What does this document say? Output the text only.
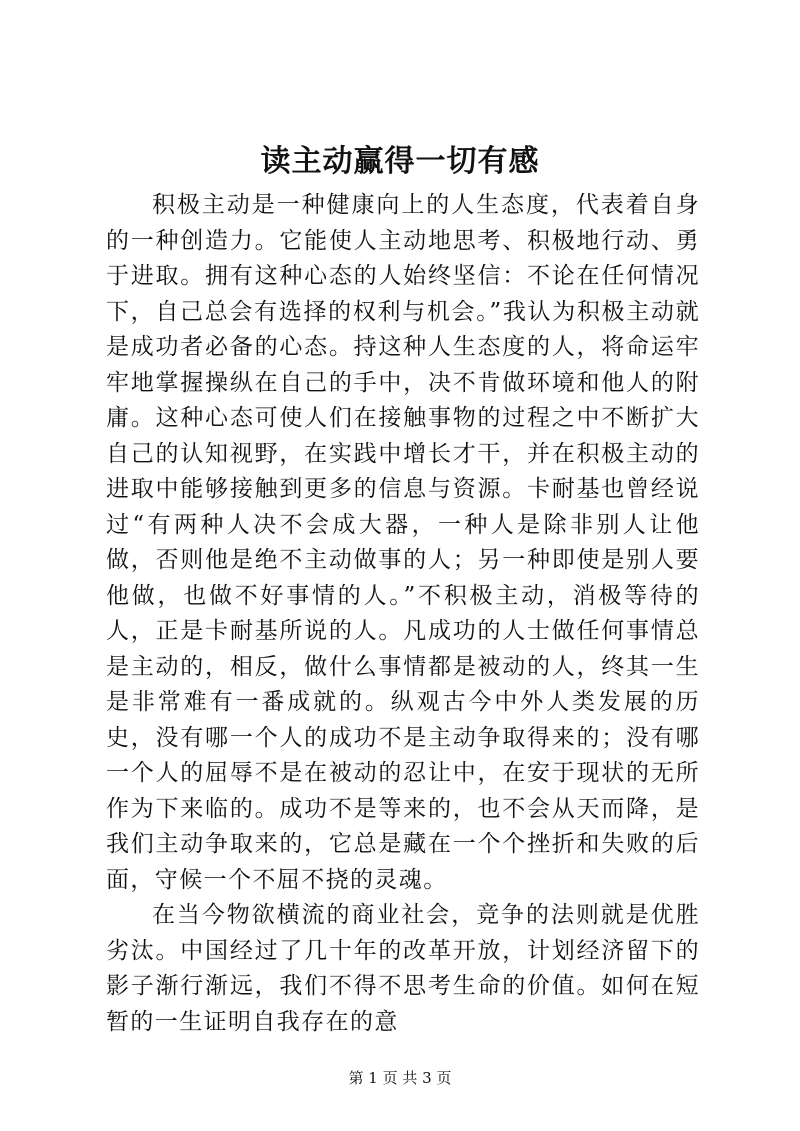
读主动赢得一切有感

积极主动是一种健康向上的人生态度，代表着自身的一种创造力。它能使人主动地思考、积极地行动、勇于进取。拥有这种心态的人始终坚信：不论在任何情况下，自己总会有选择的权利与机会。”我认为积极主动就是成功者必备的心态。持这种人生态度的人，将命运牢牢地掌握操纵在自己的手中，决不肯做环境和他人的附庸。这种心态可使人们在接触事物的过程之中不断扩大自己的认知视野，在实践中增长才干，并在积极主动的进取中能够接触到更多的信息与资源。卡耐基也曾经说过“有两种人决不会成大器，一种人是除非别人让他做，否则他是绝不主动做事的人；另一种即使是别人要他做，也做不好事情的人。”不积极主动，消极等待的人，正是卡耐基所说的人。凡成功的人士做任何事情总是主动的，相反，做什么事情都是被动的人，终其一生是非常难有一番成就的。纵观古今中外人类发展的历史，没有哪一个人的成功不是主动争取得来的；没有哪一个人的屈辱不是在被动的忍让中，在安于现状的无所作为下来临的。成功不是等来的，也不会从天而降，是我们主动争取来的，它总是藏在一个个挫折和失败的后面，守候一个不屈不挠的灵魂。

在当今物欲横流的商业社会，竞争的法则就是优胜劣汰。中国经过了几十年的改革开放，计划经济留下的影子渐行渐远，我们不得不思考生命的价值。如何在短暂的一生证明自我存在的意

第 1 页 共 3 页
